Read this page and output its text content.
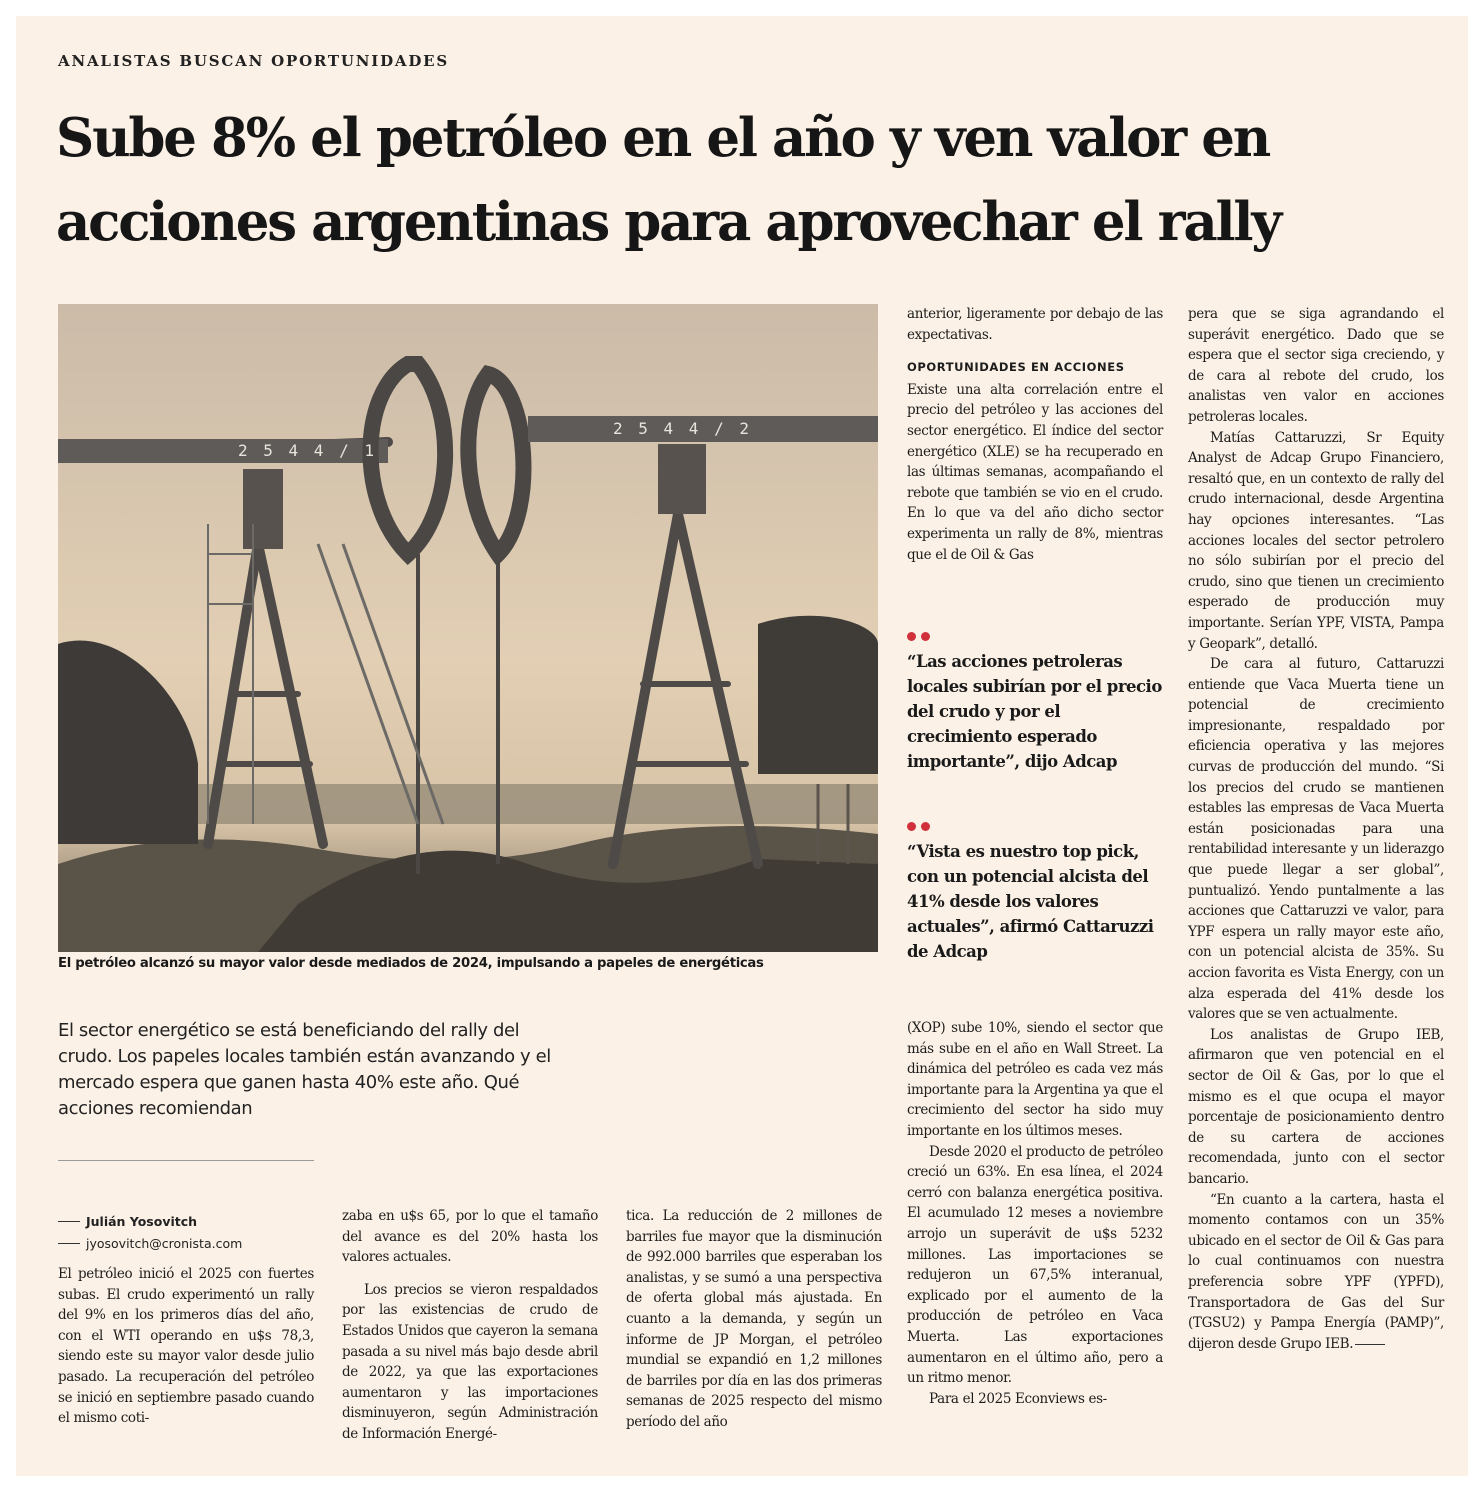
ANALISTAS BUSCAN OPORTUNIDADES
Sube 8% el petróleo en el año y ven valor en acciones argentinas para aprovechar el rally
2 5 4 4 / 1
2 5 4 4 / 2
El petróleo alcanzó su mayor valor desde mediados de 2024, impulsando a papeles de energéticas
El sector energético se está beneficiando del rally del crudo. Los papeles locales también están avanzando y el mercado espera que ganen hasta 40% este año. Qué acciones recomiendan
Julián Yosovitch
jyosovitch@cronista.com

El petróleo inició el 2025 con fuertes subas. El crudo experimentó un rally del 9% en los primeros días del año, con el WTI operando en u$s 78,3, siendo este su mayor valor desde julio pasado. La recuperación del petróleo se inició en septiembre pasado cuando el mismo coti-

zaba en u$s 65, por lo que el tamaño del avance es del 20% hasta los valores actuales.

Los precios se vieron respaldados por las existencias de crudo de Estados Unidos que cayeron la semana pasada a su nivel más bajo desde abril de 2022, ya que las exportaciones aumentaron y las importaciones disminuyeron, según Administración de Información Energé-

tica. La reducción de 2 millones de barriles fue mayor que la disminución de 992.000 barriles que esperaban los analistas, y se sumó a una perspectiva de oferta global más ajustada. En cuanto a la demanda, y según un informe de JP Morgan, el petróleo mundial se expandió en 1,2 millones de barriles por día en las dos primeras semanas de 2025 respecto del mismo período del año

anterior, ligeramente por debajo de las expectativas.

OPORTUNIDADES EN ACCIONES

Existe una alta correlación entre el precio del petróleo y las acciones del sector energético. El índice del sector energético (XLE) se ha recuperado en las últimas semanas, acompañando el rebote que también se vio en el crudo. En lo que va del año dicho sector experimenta un rally de 8%, mientras que el de Oil & Gas

“Las acciones petroleras locales subirían por el precio del crudo y por el crecimiento esperado importante”, dijo Adcap
“Vista es nuestro top pick, con un potencial alcista del 41% desde los valores actuales”, afirmó Cattaruzzi de Adcap

(XOP) sube 10%, siendo el sector que más sube en el año en Wall Street. La dinámica del petróleo es cada vez más importante para la Argentina ya que el crecimiento del sector ha sido muy importante en los últimos meses.

Desde 2020 el producto de petróleo creció un 63%. En esa línea, el 2024 cerró con balanza energética positiva. El acumulado 12 meses a noviembre arrojo un superávit de u$s 5232 millones. Las importaciones se redujeron un 67,5% interanual, explicado por el aumento de la producción de petróleo en Vaca Muerta. Las exportaciones aumentaron en el último año, pero a un ritmo menor.

Para el 2025 Econviews es-

pera que se siga agrandando el superávit energético. Dado que se espera que el sector siga creciendo, y de cara al rebote del crudo, los analistas ven valor en acciones petroleras locales.

Matías Cattaruzzi, Sr Equity Analyst de Adcap Grupo Financiero, resaltó que, en un contexto de rally del crudo internacional, desde Argentina hay opciones interesantes. “Las acciones locales del sector petrolero no sólo subirían por el precio del crudo, sino que tienen un crecimiento esperado de producción muy importante. Serían YPF, VISTA, Pampa y Geopark”, detalló.

De cara al futuro, Cattaruzzi entiende que Vaca Muerta tiene un potencial de crecimiento impresionante, respaldado por eficiencia operativa y las mejores curvas de producción del mundo. “Si los precios del crudo se mantienen estables las empresas de Vaca Muerta están posicionadas para una rentabilidad interesante y un liderazgo que puede llegar a ser global”, puntualizó. Yendo puntalmente a las acciones que Cattaruzzi ve valor, para YPF espera un rally mayor este año, con un potencial alcista de 35%. Su accion favorita es Vista Energy, con un alza esperada del 41% desde los valores que se ven actualmente.

Los analistas de Grupo IEB, afirmaron que ven potencial en el sector de Oil & Gas, por lo que el mismo es el que ocupa el mayor porcentaje de posicionamiento dentro de su cartera de acciones recomendada, junto con el sector bancario.

“En cuanto a la cartera, hasta el momento contamos con un 35% ubicado en el sector de Oil & Gas para lo cual continuamos con nuestra preferencia sobre YPF (YPFD), Transportadora de Gas del Sur (TGSU2) y Pampa Energía (PAMP)”, dijeron desde Grupo IEB.
